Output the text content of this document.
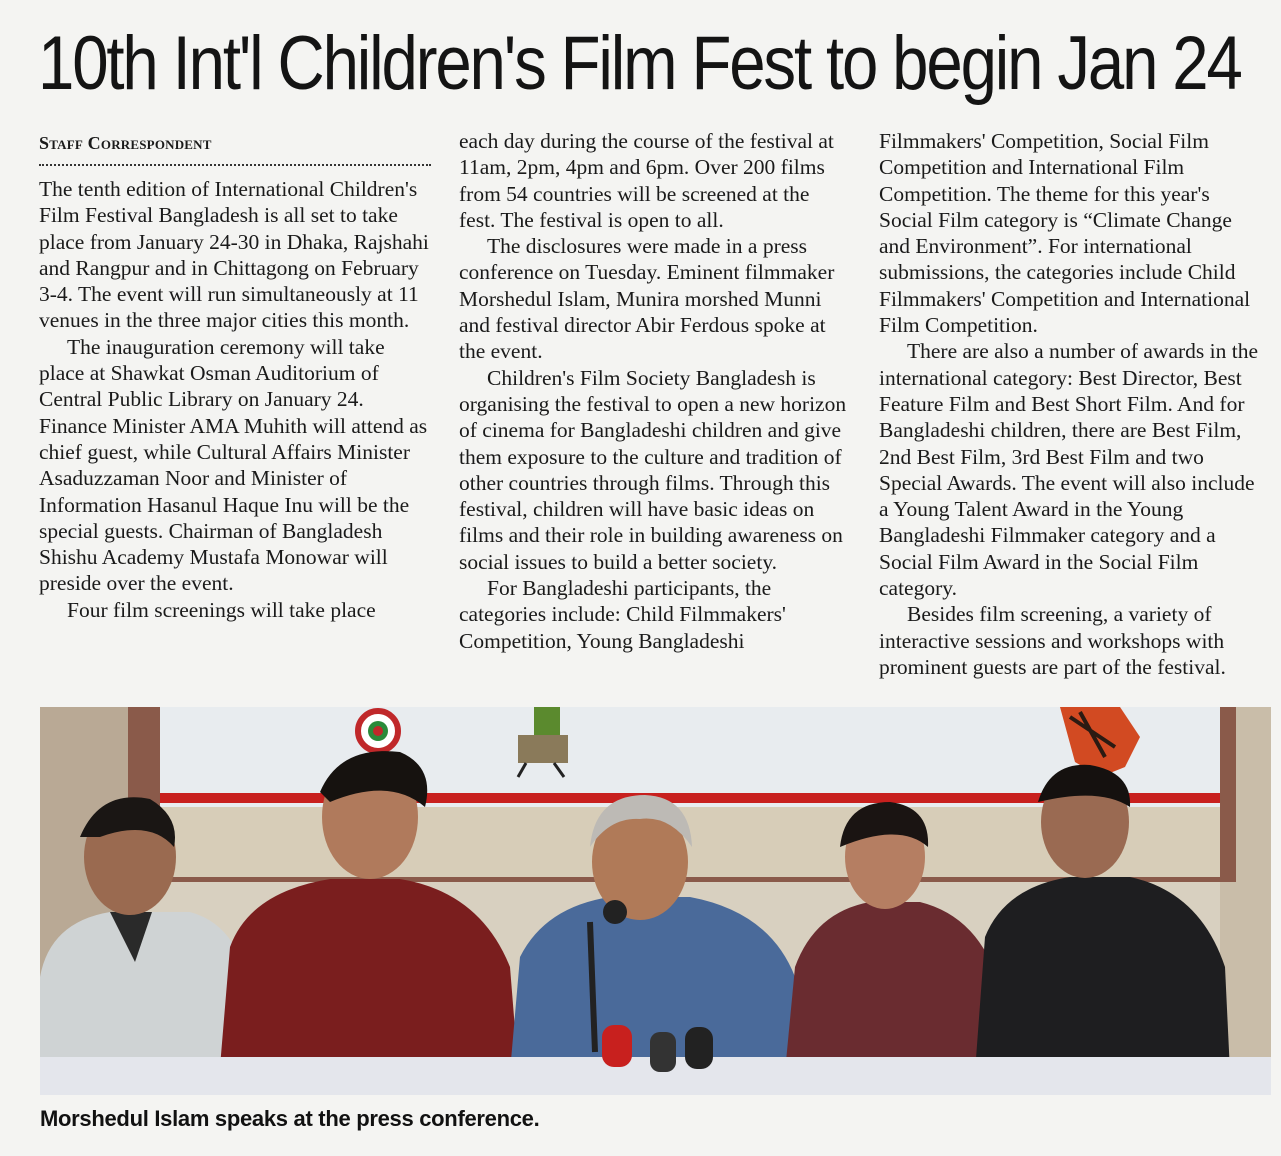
10th Int'l Children's Film Fest to begin Jan 24
Staff Correspondent

The tenth edition of International Children's Film Festival Bangladesh is all set to take place from January 24-30 in Dhaka, Rajshahi and Rangpur and in Chittagong on February 3-4. The event will run simultaneously at 11 venues in the three major cities this month.

The inauguration ceremony will take place at Shawkat Osman Auditorium of Central Public Library on January 24. Finance Minister AMA Muhith will attend as chief guest, while Cultural Affairs Minister Asaduzzaman Noor and Minister of Information Hasanul Haque Inu will be the special guests. Chairman of Bangladesh Shishu Academy Mustafa Monowar will preside over the event.

Four film screenings will take place

each day during the course of the festival at 11am, 2pm, 4pm and 6pm. Over 200 films from 54 countries will be screened at the fest. The festival is open to all.

The disclosures were made in a press conference on Tuesday. Eminent filmmaker Morshedul Islam, Munira morshed Munni and festival director Abir Ferdous spoke at the event.

Children's Film Society Bangladesh is organising the festival to open a new horizon of cinema for Bangladeshi children and give them exposure to the culture and tradition of other countries through films. Through this festival, children will have basic ideas on films and their role in building awareness on social issues to build a better society.

For Bangladeshi participants, the categories include: Child Filmmakers' Competition, Young Bangladeshi

Filmmakers' Competition, Social Film Competition and International Film Competition. The theme for this year's Social Film category is “Climate Change and Environment”. For international submissions, the categories include Child Filmmakers' Competition and International Film Competition.

There are also a number of awards in the international category: Best Director, Best Feature Film and Best Short Film. And for Bangladeshi children, there are Best Film, 2nd Best Film, 3rd Best Film and two Special Awards. The event will also include a Young Talent Award in the Young Bangladeshi Filmmaker category and a Social Film Award in the Social Film category.

Besides film screening, a variety of interactive sessions and workshops with prominent guests are part of the festival.

Morshedul Islam speaks at the press conference.
